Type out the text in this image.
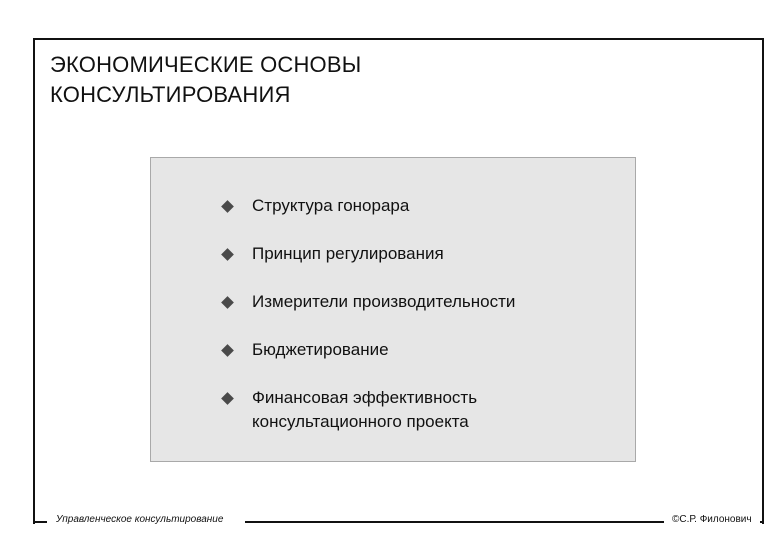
ЭКОНОМИЧЕСКИЕ ОСНОВЫ
КОНСУЛЬТИРОВАНИЯ
Структура гонорара
Принцип регулирования
Измерители производительности
Бюджетирование
Финансовая эффективность
консультационного проекта
Управленческое консультирование	©С.Р. Филонович
